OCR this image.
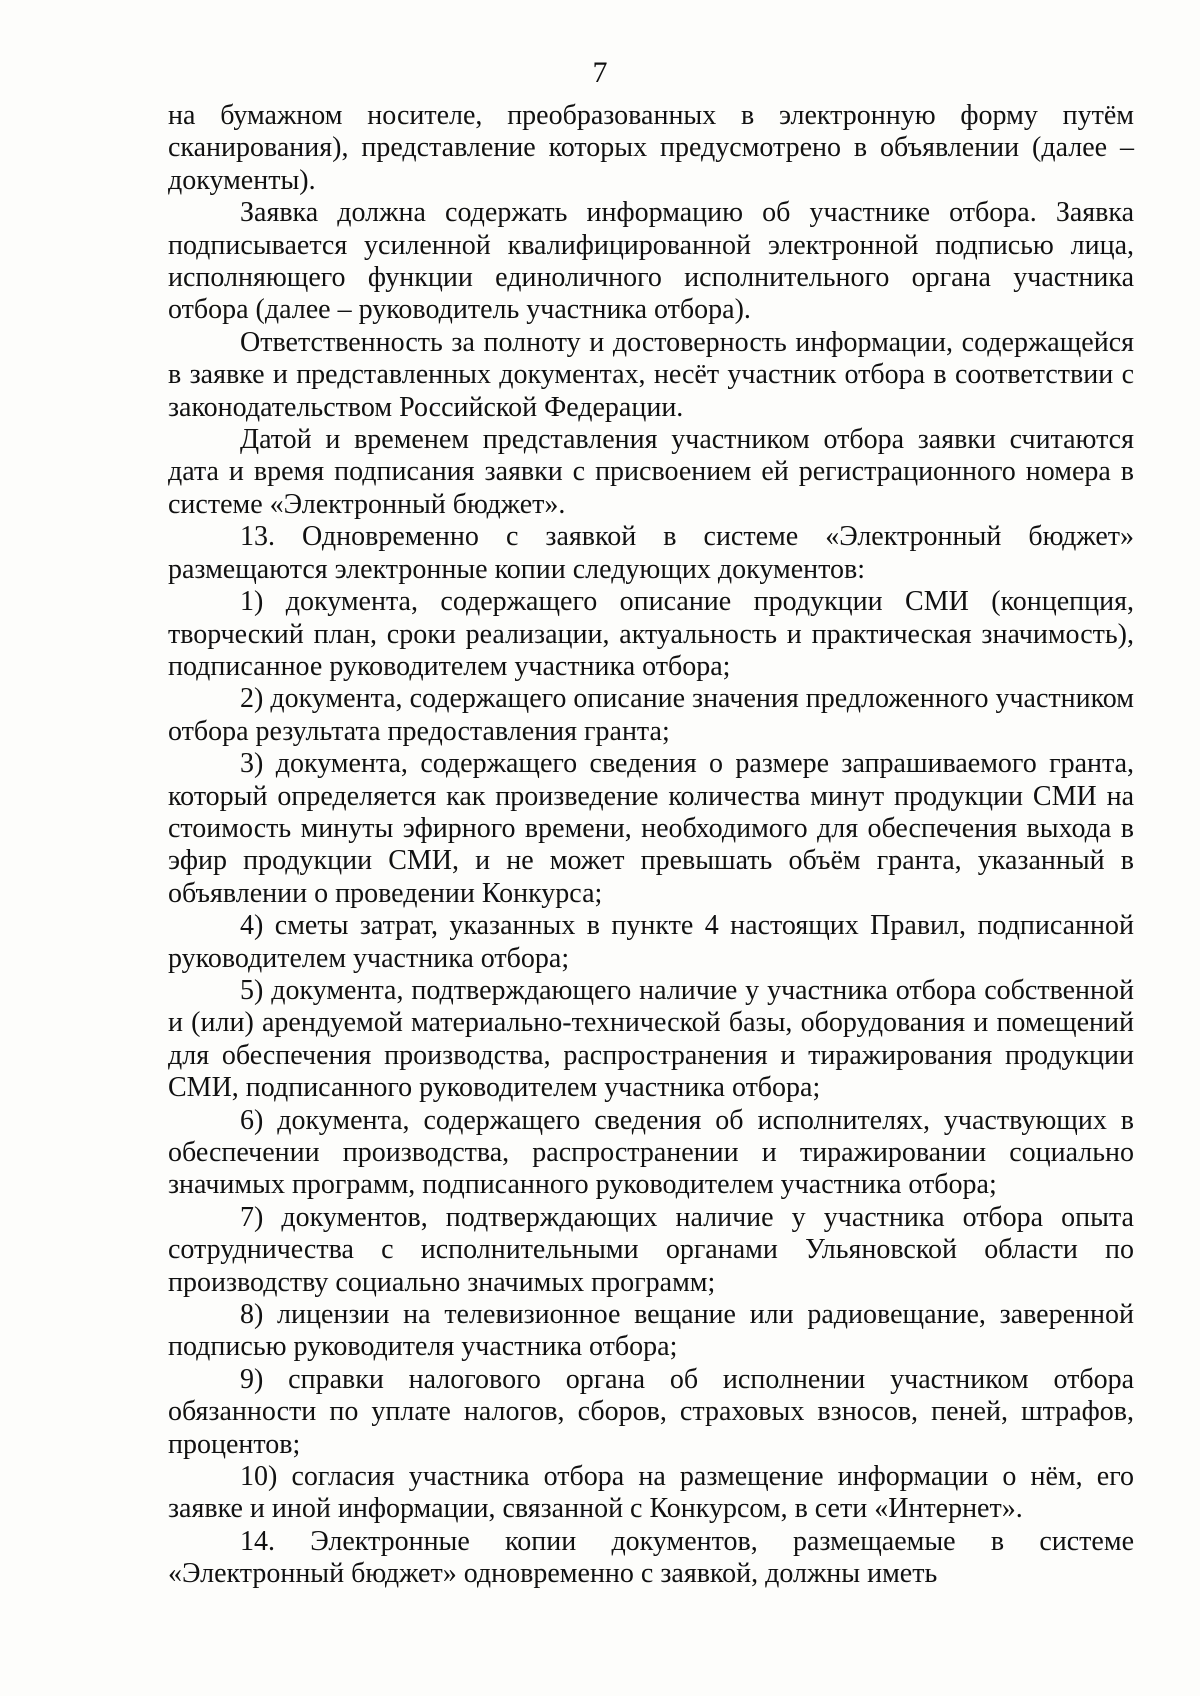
7

на бумажном носителе, преобразованных в электронную форму путём сканирования), представление которых предусмотрено в объявлении (далее – документы).

Заявка должна содержать информацию об участнике отбора. Заявка подписывается усиленной квалифицированной электронной подписью лица, исполняющего функции единоличного исполнительного органа участника отбора (далее – руководитель участника отбора).

Ответственность за полноту и достоверность информации, содержащейся в заявке и представленных документах, несёт участник отбора в соответствии с законодательством Российской Федерации.

Датой и временем представления участником отбора заявки считаются дата и время подписания заявки с присвоением ей регистрационного номера в системе «Электронный бюджет».

13. Одновременно с заявкой в системе «Электронный бюджет» размещаются электронные копии следующих документов:

1) документа, содержащего описание продукции СМИ (концепция, творческий план, сроки реализации, актуальность и практическая значимость), подписанное руководителем участника отбора;

2) документа, содержащего описание значения предложенного участником отбора результата предоставления гранта;

3) документа, содержащего сведения о размере запрашиваемого гранта, который определяется как произведение количества минут продукции СМИ на стоимость минуты эфирного времени, необходимого для обеспечения выхода в эфир продукции СМИ, и не может превышать объём гранта, указанный в объявлении о проведении Конкурса;

4) сметы затрат, указанных в пункте 4 настоящих Правил, подписанной руководителем участника отбора;

5) документа, подтверждающего наличие у участника отбора собственной и (или) арендуемой материально-технической базы, оборудования и помещений для обеспечения производства, распространения и тиражирования продукции СМИ, подписанного руководителем участника отбора;

6) документа, содержащего сведения об исполнителях, участвующих в обеспечении производства, распространении и тиражировании социально значимых программ, подписанного руководителем участника отбора;

7) документов, подтверждающих наличие у участника отбора опыта сотрудничества с исполнительными органами Ульяновской области по производству социально значимых программ;

8) лицензии на телевизионное вещание или радиовещание, заверенной подписью руководителя участника отбора;

9) справки налогового органа об исполнении участником отбора обязанности по уплате налогов, сборов, страховых взносов, пеней, штрафов, процентов;

10) согласия участника отбора на размещение информации о нём, его заявке и иной информации, связанной с Конкурсом, в сети «Интернет».

14. Электронные копии документов, размещаемые в системе «Электронный бюджет» одновременно с заявкой, должны иметь
